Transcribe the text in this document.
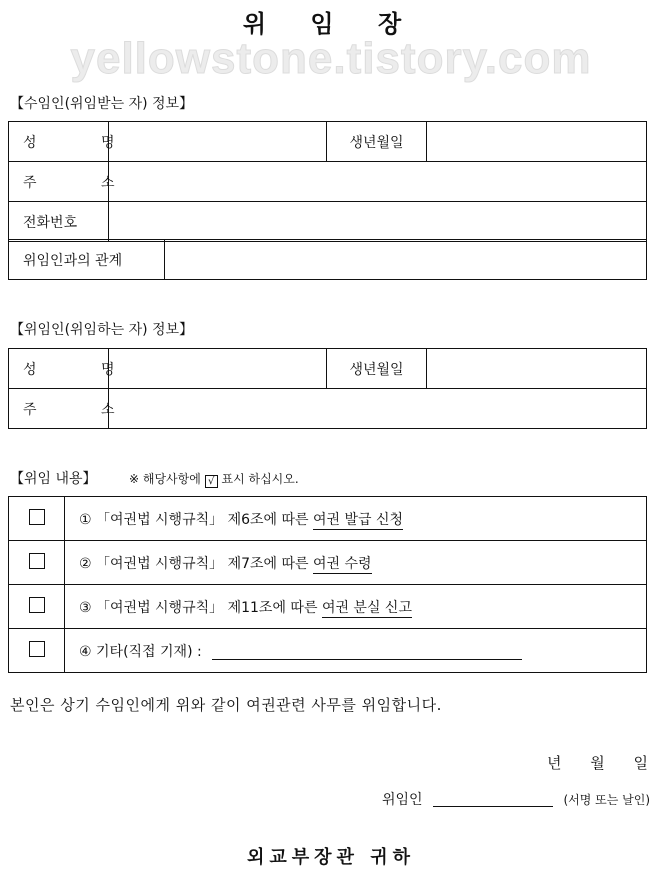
위 임 장
yellowstone.tistory.com
【수임인(위임받는 자) 정보】
성 명		생년월일	
주 소			
전화번호			
위임인과의 관계	
【위임인(위임하는 자) 정보】
성 명		생년월일	
주 소			
【위임 내용】	※ 해당사항에 √ 표시 하십시오.
	① 「여권법 시행규칙」 제6조에 따른 여권 발급 신청
	② 「여권법 시행규칙」 제7조에 따른 여권 수령
	③ 「여권법 시행규칙」 제11조에 따른 여권 분실 신고
	④ 기타(직접 기재) :
본인은 상기 수임인에게 위와 같이 여권관련 사무를 위임합니다.
년 월 일
위임인	(서명 또는 날인)
외교부장관 귀하
